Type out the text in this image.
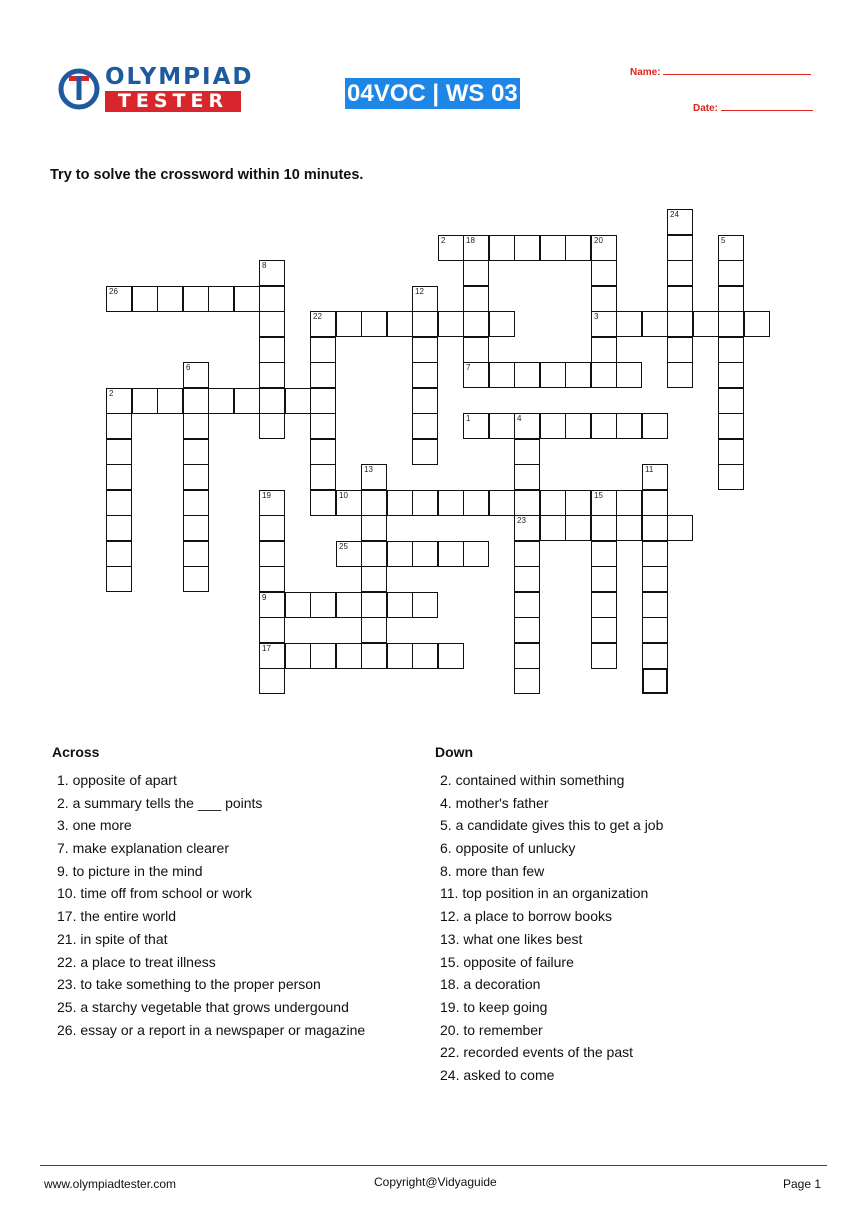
OLYMPIAD
TESTER	04VOC | WS 03
Name:
Date:
Try to solve the crossword within 10 minutes.
2	18	20
26
22	3
7
2
1	4
10	15
23
25
9
17
24
5
8
12
6
13	11
19
Across	Down
1. opposite of apart
2. a summary tells the ___ points
3. one more
7. make explanation clearer
9. to picture in the mind
10. time off from school or work
17. the entire world
21. in spite of that
22. a place to treat illness
23. to take something to the proper person
25. a starchy vegetable that grows undergound
26. essay or a report in a newspaper or magazine
2. contained within something
4. mother's father
5. a candidate gives this to get a job
6. opposite of unlucky
8. more than few
11. top position in an organization
12. a place to borrow books
13. what one likes best
15. opposite of failure
18. a decoration
19. to keep going
20. to remember
22. recorded events of the past
24. asked to come
www.olympiadtester.com	Copyright@Vidyaguide	Page 1
